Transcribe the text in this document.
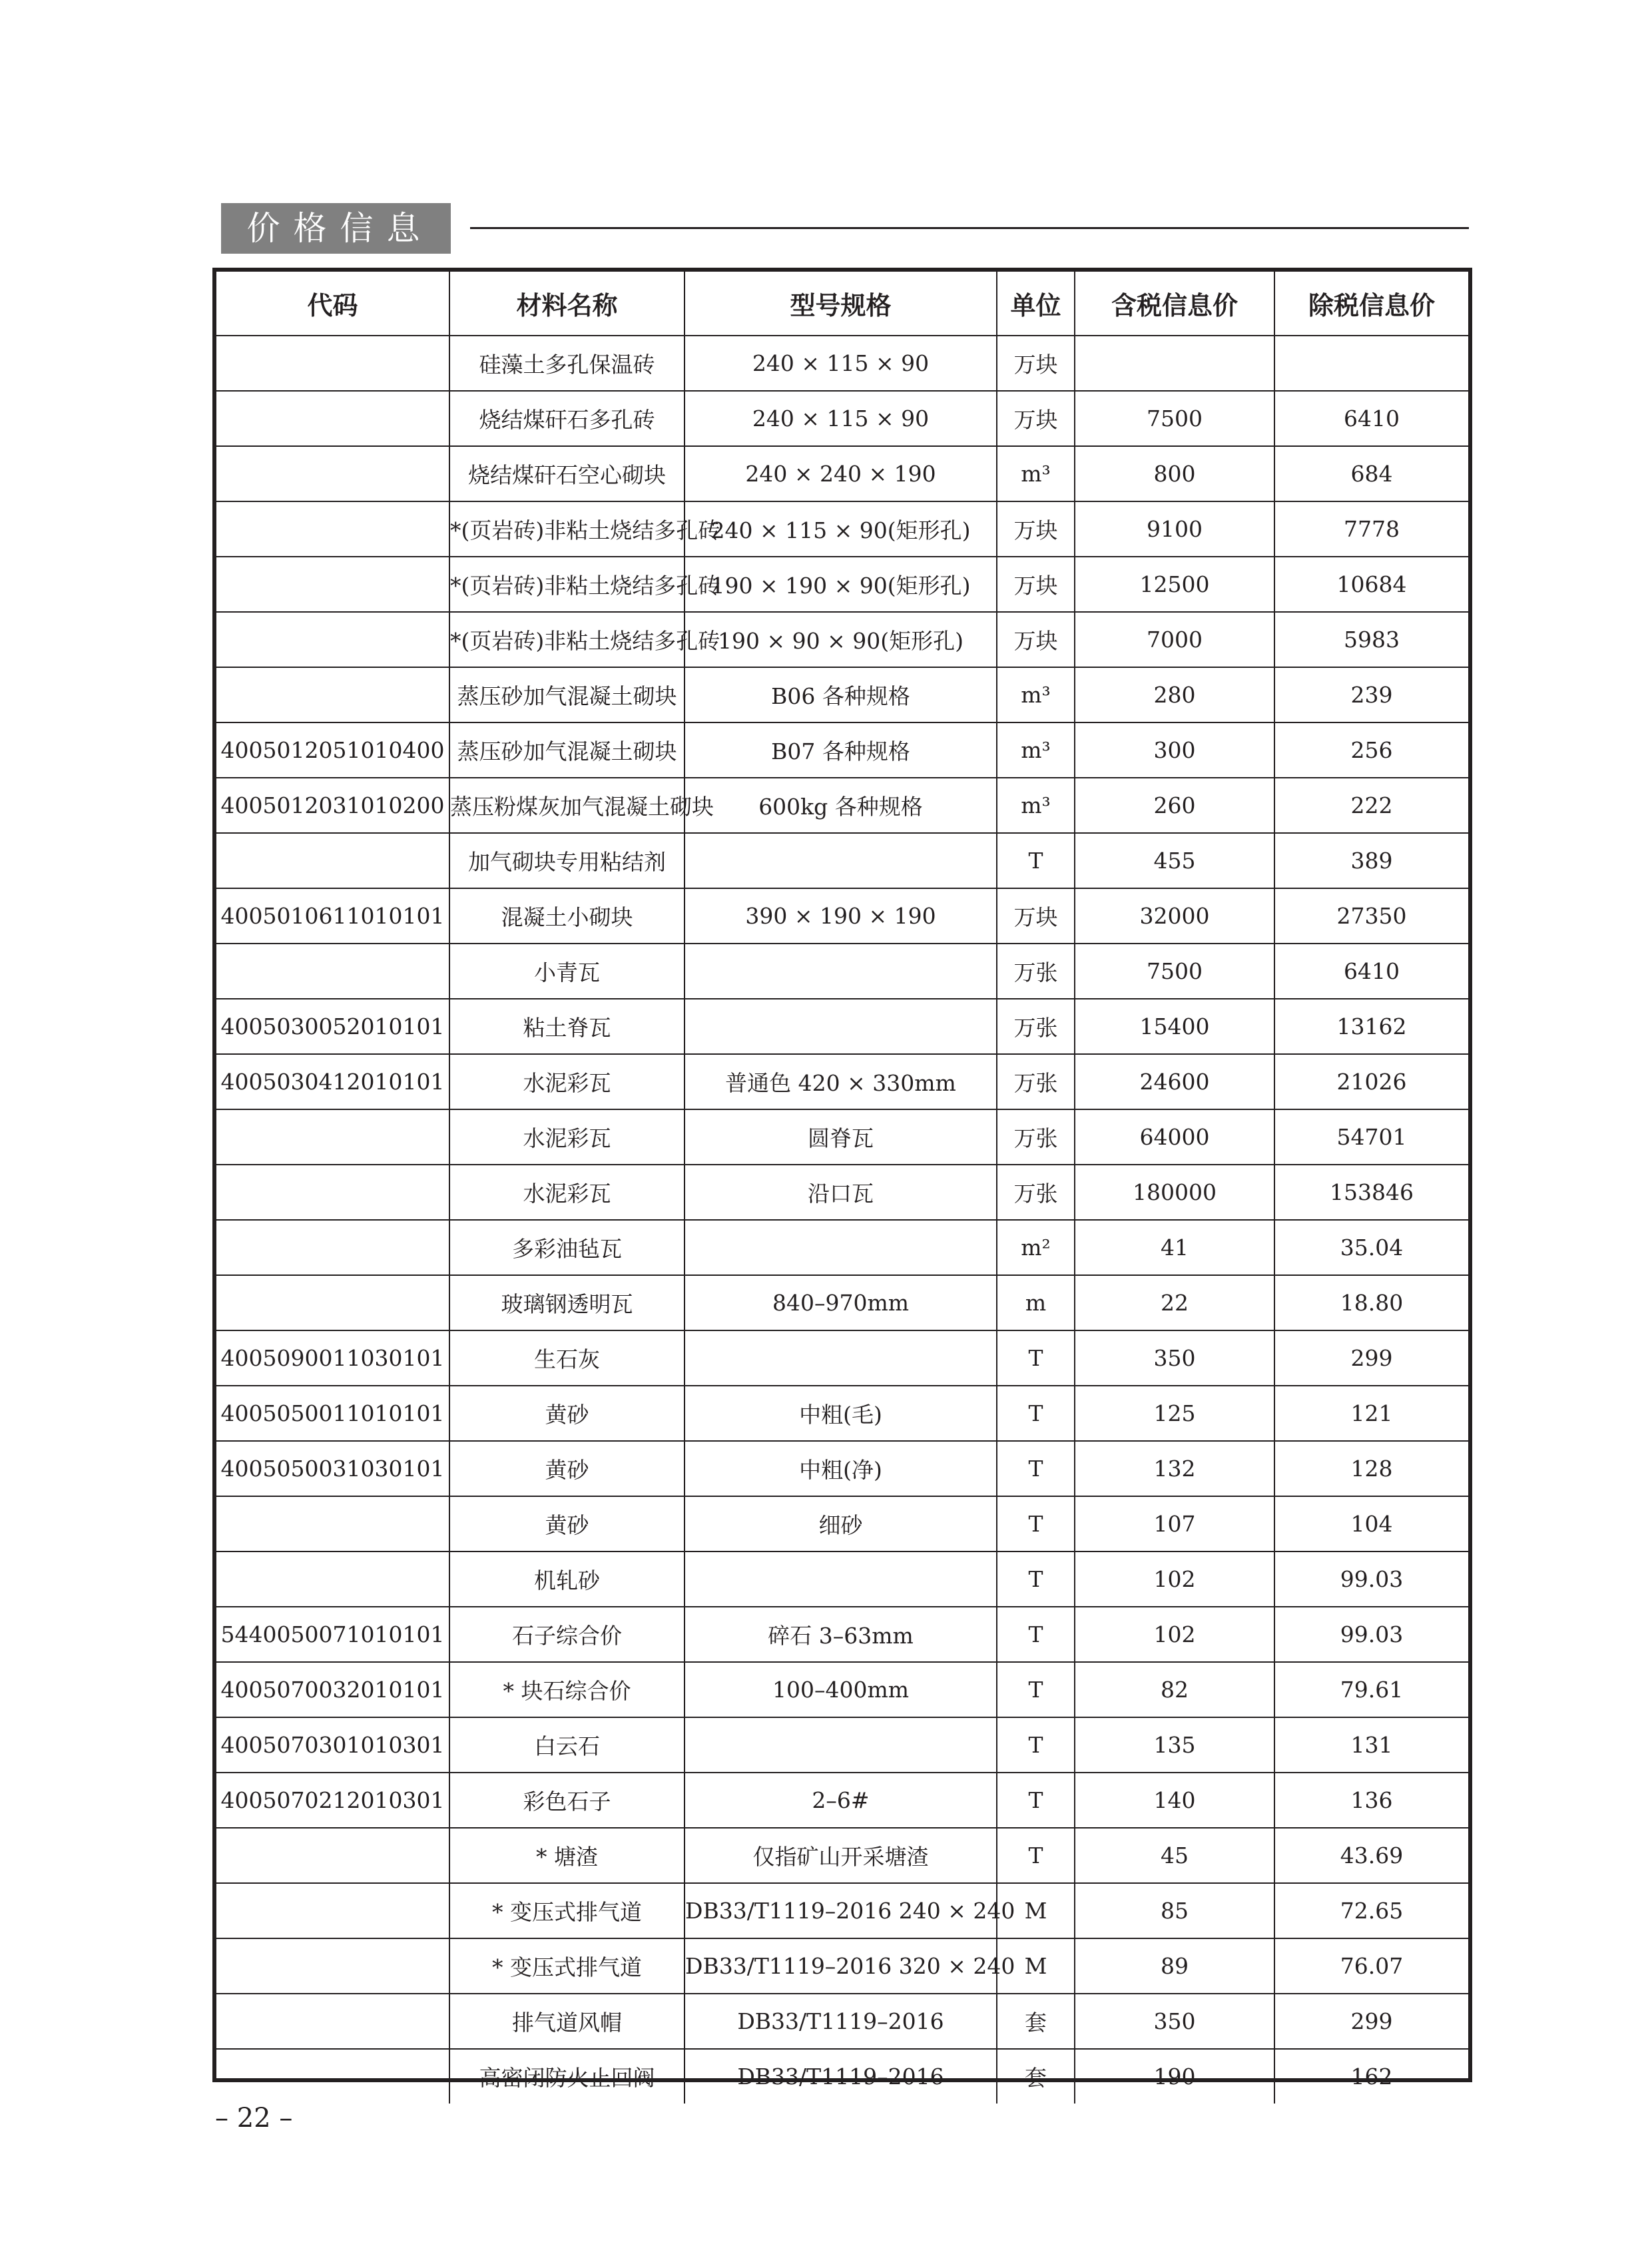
价格信息
代码	材料名称	型号规格	单位	含税信息价	除税信息价
	硅藻土多孔保温砖	240 × 115 × 90	万块		
	烧结煤矸石多孔砖	240 × 115 × 90	万块	7500	6410
	烧结煤矸石空心砌块	240 × 240 × 190	m³	800	684
	*(页岩砖)非粘土烧结多孔砖	240 × 115 × 90(矩形孔)	万块	9100	7778
	*(页岩砖)非粘土烧结多孔砖	190 × 190 × 90(矩形孔)	万块	12500	10684
	*(页岩砖)非粘土烧结多孔砖	190 × 90 × 90(矩形孔)	万块	7000	5983
	蒸压砂加气混凝土砌块	B06 各种规格	m³	280	239
4005012051010400	蒸压砂加气混凝土砌块	B07 各种规格	m³	300	256
4005012031010200	蒸压粉煤灰加气混凝土砌块	600kg 各种规格	m³	260	222
	加气砌块专用粘结剂		T	455	389
4005010611010101	混凝土小砌块	390 × 190 × 190	万块	32000	27350
	小青瓦		万张	7500	6410
4005030052010101	粘土脊瓦		万张	15400	13162
4005030412010101	水泥彩瓦	普通色 420 × 330mm	万张	24600	21026
	水泥彩瓦	圆脊瓦	万张	64000	54701
	水泥彩瓦	沿口瓦	万张	180000	153846
	多彩油毡瓦		m²	41	35.04
	玻璃钢透明瓦	840–970mm	m	22	18.80
4005090011030101	生石灰		T	350	299
4005050011010101	黄砂	中粗(毛)	T	125	121
4005050031030101	黄砂	中粗(净)	T	132	128
	黄砂	细砂	T	107	104
	机轧砂		T	102	99.03
5440050071010101	石子综合价	碎石 3–63mm	T	102	99.03
4005070032010101	* 块石综合价	100–400mm	T	82	79.61
4005070301010301	白云石		T	135	131
4005070212010301	彩色石子	2–6#	T	140	136
	* 塘渣	仅指矿山开采塘渣	T	45	43.69
	* 变压式排气道	DB33/T1119–2016 240 × 240	M	85	72.65
	* 变压式排气道	DB33/T1119–2016 320 × 240	M	89	76.07
	排气道风帽	DB33/T1119–2016	套	350	299
	高密闭防火止回阀	DB33/T1119–2016	套	190	162
– 22 –
